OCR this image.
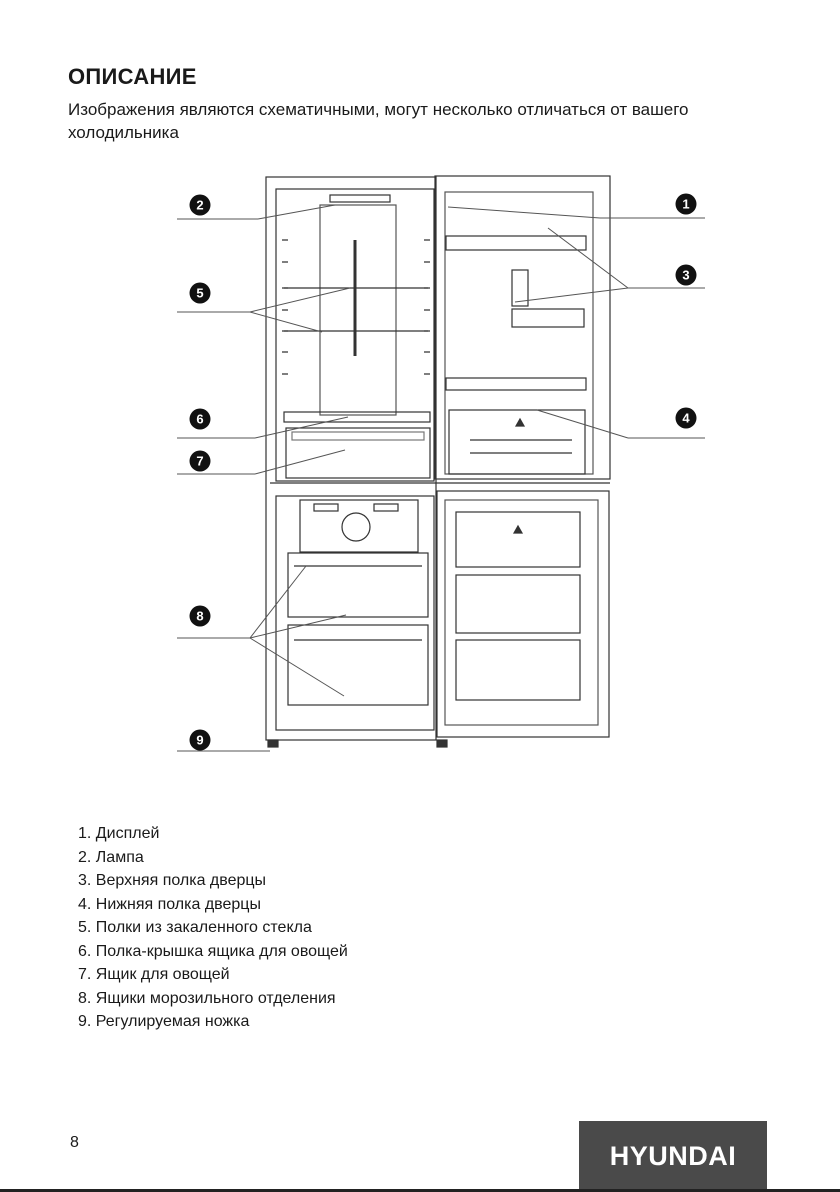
ОПИСАНИЕ

Изображения являются схематичными, могут несколько отличаться от вашего холодильника

1
2
3
4
5
6
7
8
9
1. Дисплей
2. Лампа
3. Верхняя полка дверцы
4. Нижняя полка дверцы
5. Полки из закаленного стекла
6. Полка-крышка ящика для овощей
7. Ящик для овощей
8. Ящики морозильного отделения
9. Регулируемая ножка
8	HYUNDAI
